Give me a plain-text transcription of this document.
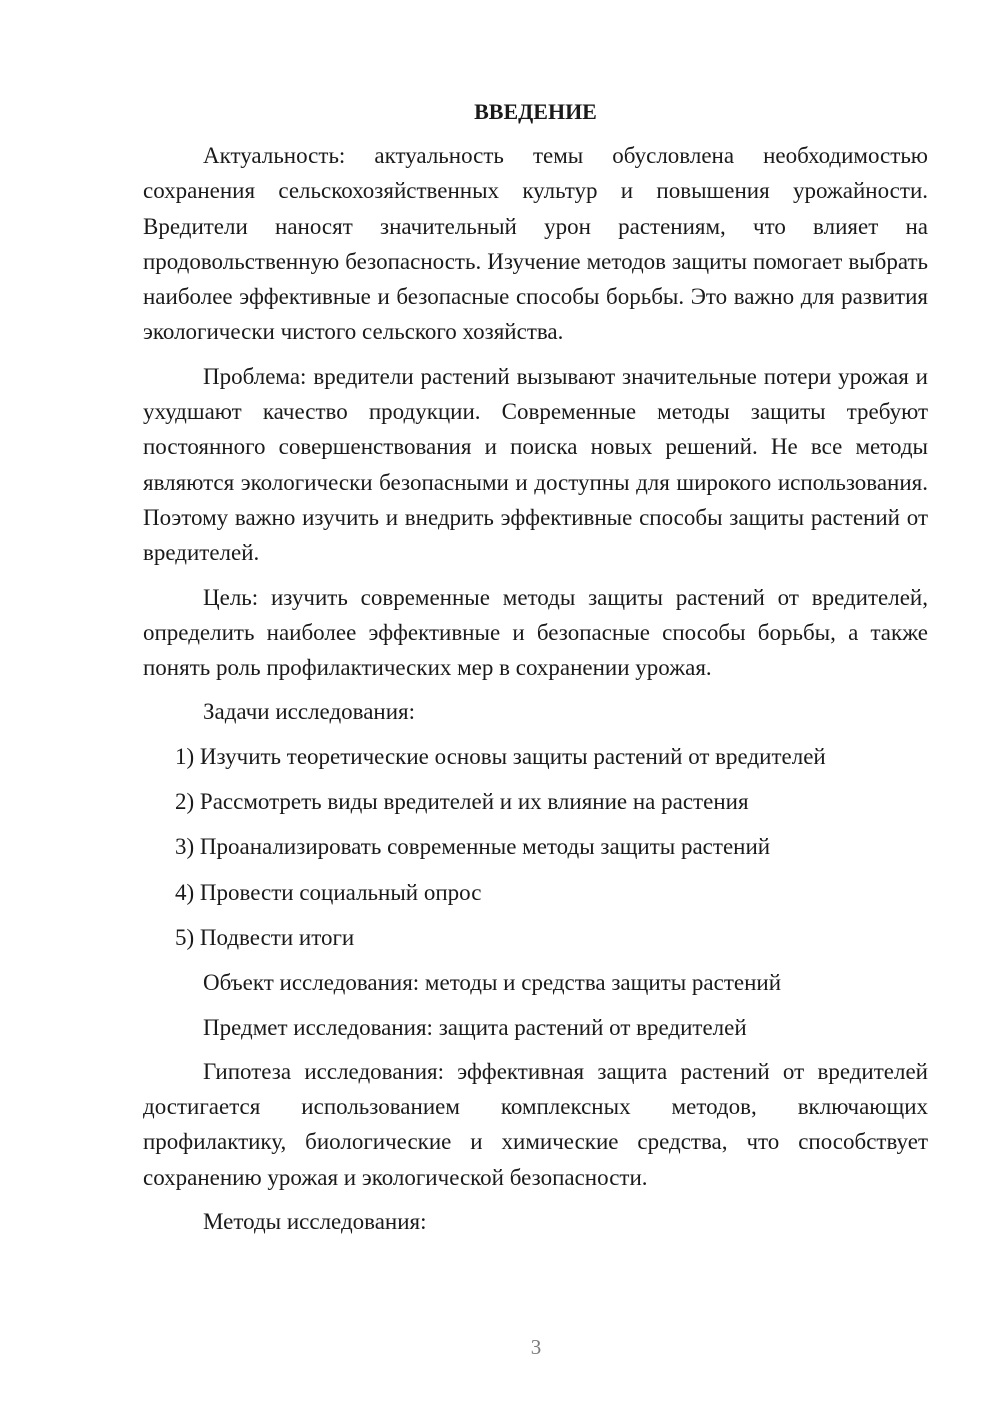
ВВЕДЕНИЕ

Актуальность: актуальность темы обусловлена необходимостью сохранения сельскохозяйственных культур и повышения урожайности. Вредители наносят значительный урон растениям, что влияет на продовольственную безопасность. Изучение методов защиты помогает выбрать наиболее эффективные и безопасные способы борьбы. Это важно для развития экологически чистого сельского хозяйства.

Проблема: вредители растений вызывают значительные потери урожая и ухудшают качество продукции. Современные методы защиты требуют постоянного совершенствования и поиска новых решений. Не все методы являются экологически безопасными и доступны для широкого использования. Поэтому важно изучить и внедрить эффективные способы защиты растений от вредителей.

Цель: изучить современные методы защиты растений от вредителей, определить наиболее эффективные и безопасные способы борьбы, а также понять роль профилактических мер в сохранении урожая.

Задачи исследования:

1) Изучить теоретические основы защиты растений от вредителей
2) Рассмотреть виды вредителей и их влияние на растения
3) Проанализировать современные методы защиты растений
4) Провести социальный опрос
5) Подвести итоги

Объект исследования: методы и средства защиты растений

Предмет исследования: защита растений от вредителей

Гипотеза исследования: эффективная защита растений от вредителей достигается использованием комплексных методов, включающих профилактику, биологические и химические средства, что способствует сохранению урожая и экологической безопасности.

Методы исследования:

3
